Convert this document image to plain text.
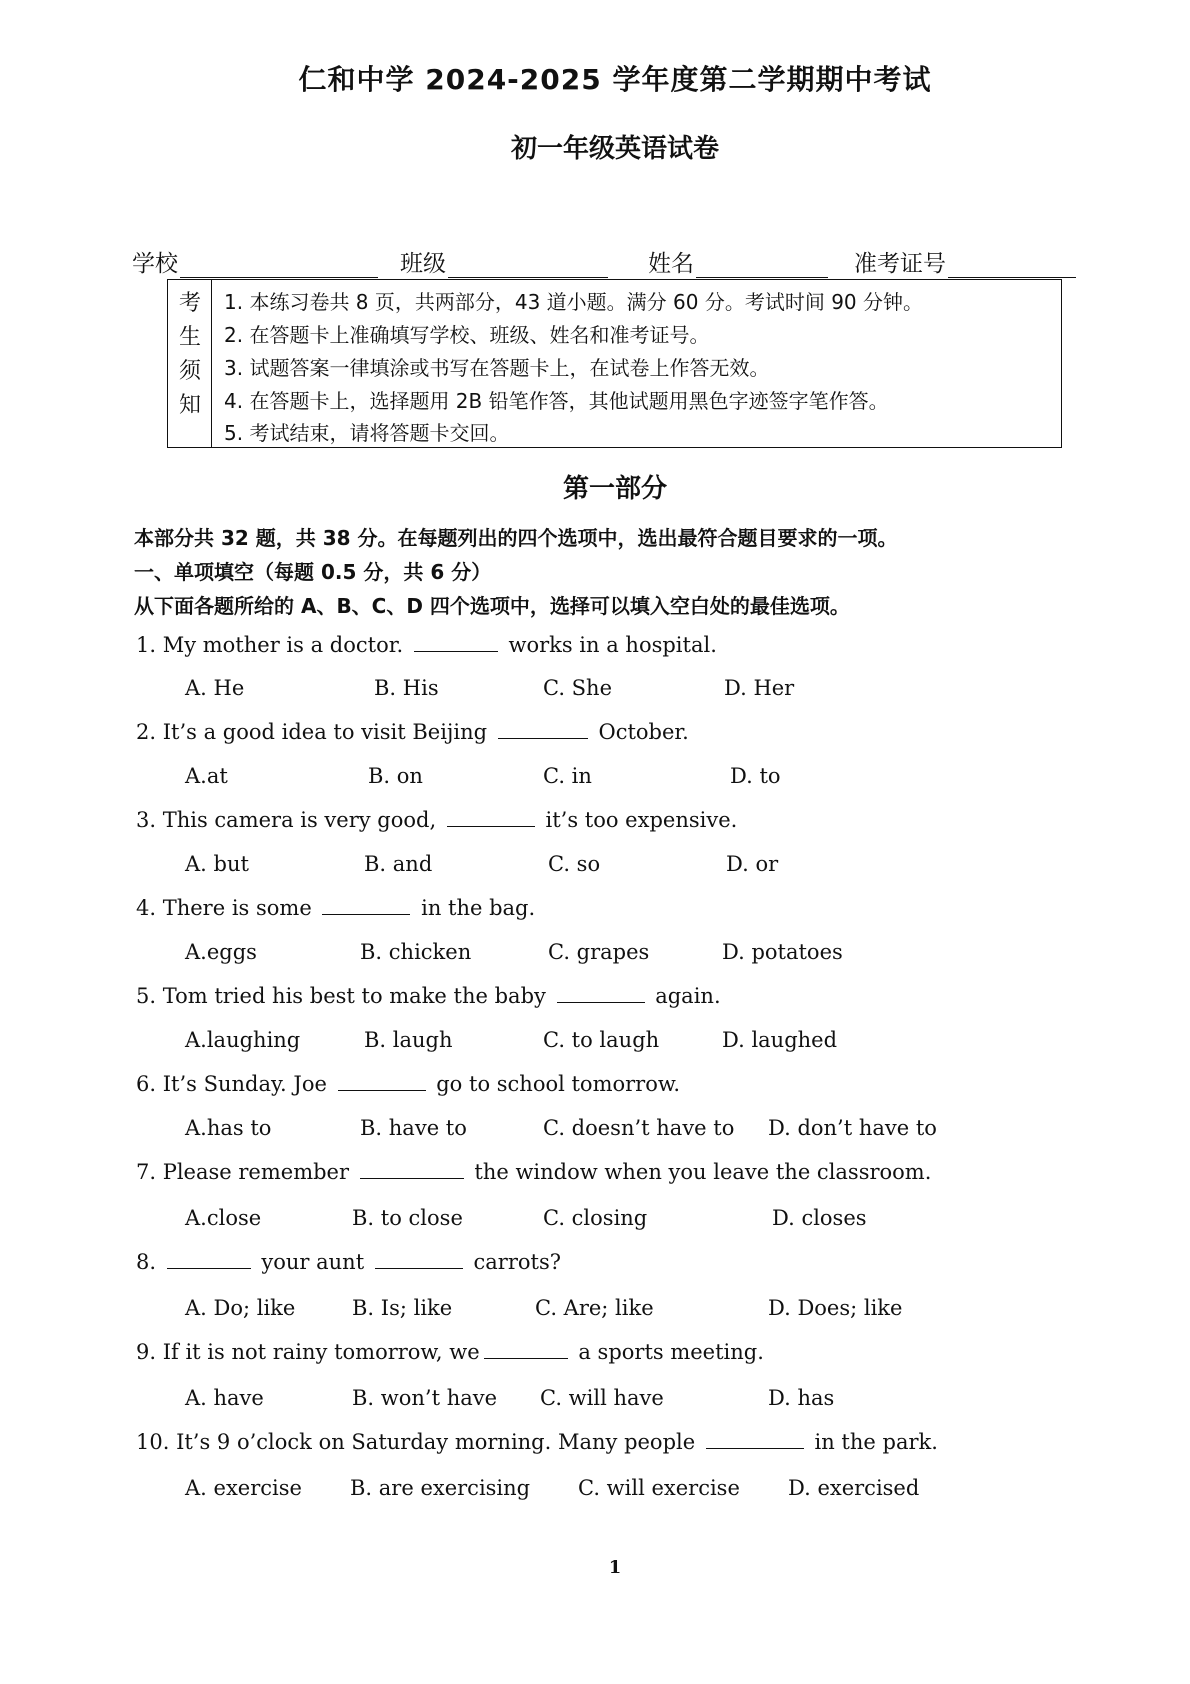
仁和中学 2024-2025 学年度第二学期期中考试
初一年级英语试卷
学校	班级	姓名	准考证号
考
生
须
知
1. 本练习卷共 8 页，共两部分，43 道小题。满分 60 分。考试时间 90 分钟。
2. 在答题卡上准确填写学校、班级、姓名和准考证号。
3. 试题答案一律填涂或书写在答题卡上，在试卷上作答无效。
4. 在答题卡上，选择题用 2B 铅笔作答，其他试题用黑色字迹签字笔作答。
5. 考试结束，请将答题卡交回。
第一部分
本部分共 32 题，共 38 分。在每题列出的四个选项中，选出最符合题目要求的一项。
一、单项填空（每题 0.5 分，共 6 分）
从下面各题所给的 A、B、C、D 四个选项中，选择可以填入空白处的最佳选项。
1. My mother is a doctor.	works in a hospital.
A. He	B. His	C. She	D. Her
2. It’s a good idea to visit Beijing	October.
A.at	B. on	C. in	D. to
3. This camera is very good,	it’s too expensive.
A. but	B. and	C. so	D. or
4. There is some	in the bag.
A.eggs	B. chicken	C. grapes	D. potatoes
5. Tom tried his best to make the baby	again.
A.laughing	B. laugh	C. to laugh	D. laughed
6. It’s Sunday. Joe	go to school tomorrow.
A.has to	B. have to	C. doesn’t have to D. don’t have to
7. Please remember	the window when you leave the classroom.
A.close	B. to close	C. closing	D. closes
8.	your aunt	carrots?
A. Do; like	B. Is; like	C. Are; like	D. Does; like
9. If it is not rainy tomorrow, we	a sports meeting.
A. have	B. won’t have C. will have	D. has
10. It’s 9 o’clock on Saturday morning. Many people	in the park.
A. exercise B. are exercising C. will exercise D. exercised
1
